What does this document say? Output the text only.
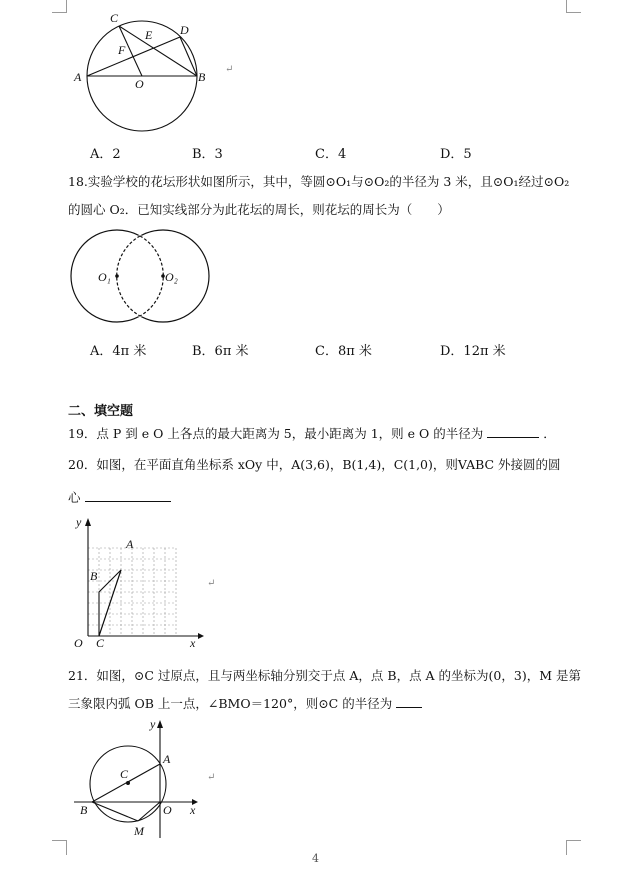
C
E D
F
A	O	B
↵
A．2	B．3	C．4	D．5
18.实验学校的花坛形状如图所示，其中，等圆⊙O₁与⊙O₂的半径为 3 米，且⊙O₁经过⊙O₂
的圆心 O₂．已知实线部分为此花坛的周长，则花坛的周长为（　　）
O₁	O₂
A．4π 米	B．6π 米	C．8π 米	D．12π 米
二、填空题
19．点 P 到 e O 上各点的最大距离为 5，最小距离为 1，则 e O 的半径为	．
20．如图，在平面直角坐标系 xOy 中，A(3,6)，B(1,4)，C(1,0)，则VABC 外接圆的圆
心
y
A
B
O C	x
↵
21．如图，⊙C 过原点，且与两坐标轴分别交于点 A，点 B，点 A 的坐标为(0，3)，M 是第
三象限内弧 OB 上一点，∠BMO＝120°，则⊙C 的半径为
y
A
C
B	O x
M
↵
4
